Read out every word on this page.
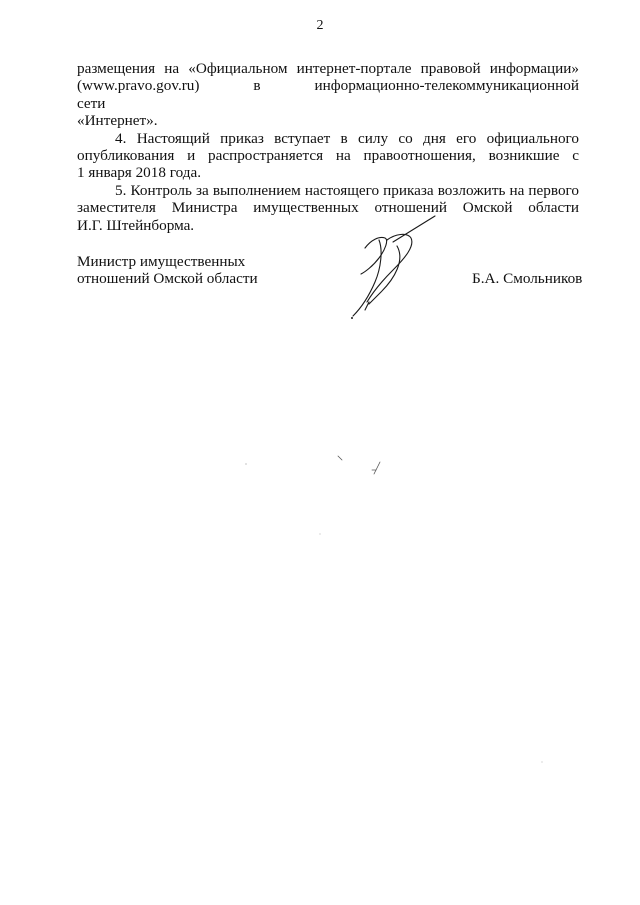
2

размещения на «Официальном интернет-портале правовой информации»
(www.pravo.gov.ru) в информационно-телекоммуникационной сети
«Интернет».

4. Настоящий приказ вступает в силу со дня его официального
опубликования и распространяется на правоотношения, возникшие с
1 января 2018 года.

5. Контроль за выполнением настоящего приказа возложить на первого
заместителя Министра имущественных отношений Омской области
И.Г. Штейнборма.

Министр имущественных
отношений Омской области	Б.А. Смольников
